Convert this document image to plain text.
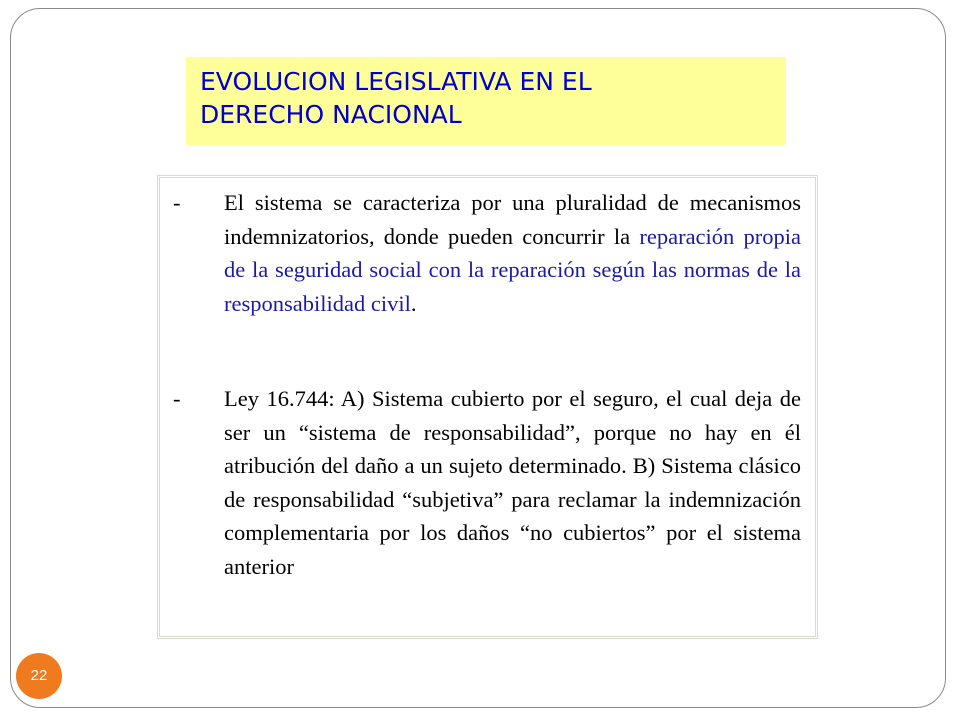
EVOLUCION LEGISLATIVA EN EL
DERECHO NACIONAL

- El sistema se caracteriza por una pluralidad de mecanismos indemnizatorios, donde pueden concurrir la reparación propia de la seguridad social con la reparación según las normas de la responsabilidad civil.
- Ley 16.744: A) Sistema cubierto por el seguro, el cual deja de ser un “sistema de responsabilidad”, porque no hay en él atribución del daño a un sujeto determinado. B) Sistema clásico de responsabilidad “subjetiva” para reclamar la indemnización complementaria por los daños “no cubiertos” por el sistema anterior
22
